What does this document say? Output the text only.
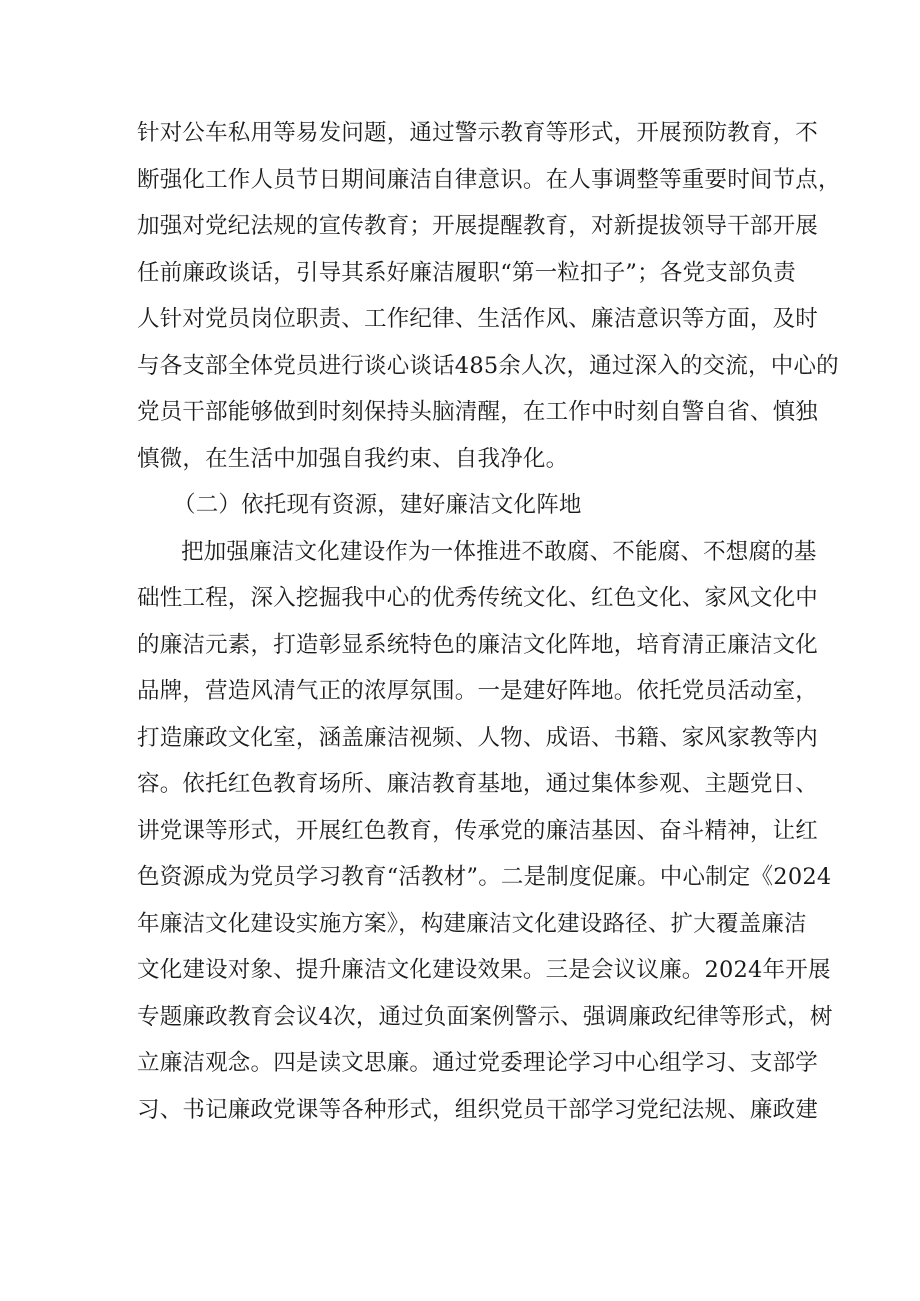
针对公车私用等易发问题，通过警示教育等形式，开展预防教育，不
断强化工作人员节日期间廉洁自律意识。在人事调整等重要时间节点，
加强对党纪法规的宣传教育；开展提醒教育，对新提拔领导干部开展
任前廉政谈话，引导其系好廉洁履职“第一粒扣子”；各党支部负责
人针对党员岗位职责、工作纪律、生活作风、廉洁意识等方面，及时
与各支部全体党员进行谈心谈话485余人次，通过深入的交流，中心的
党员干部能够做到时刻保持头脑清醒，在工作中时刻自警自省、慎独
慎微，在生活中加强自我约束、自我净化。
（二）依托现有资源，建好廉洁文化阵地
把加强廉洁文化建设作为一体推进不敢腐、不能腐、不想腐的基
础性工程，深入挖掘我中心的优秀传统文化、红色文化、家风文化中
的廉洁元素，打造彰显系统特色的廉洁文化阵地，培育清正廉洁文化
品牌，营造风清气正的浓厚氛围。一是建好阵地。依托党员活动室，
打造廉政文化室，涵盖廉洁视频、人物、成语、书籍、家风家教等内
容。依托红色教育场所、廉洁教育基地，通过集体参观、主题党日、
讲党课等形式，开展红色教育，传承党的廉洁基因、奋斗精神，让红
色资源成为党员学习教育“活教材”。二是制度促廉。中心制定《2024
年廉洁文化建设实施方案》，构建廉洁文化建设路径、扩大覆盖廉洁
文化建设对象、提升廉洁文化建设效果。三是会议议廉。2024年开展
专题廉政教育会议4次，通过负面案例警示、强调廉政纪律等形式，树
立廉洁观念。四是读文思廉。通过党委理论学习中心组学习、支部学
习、书记廉政党课等各种形式，组织党员干部学习党纪法规、廉政建
